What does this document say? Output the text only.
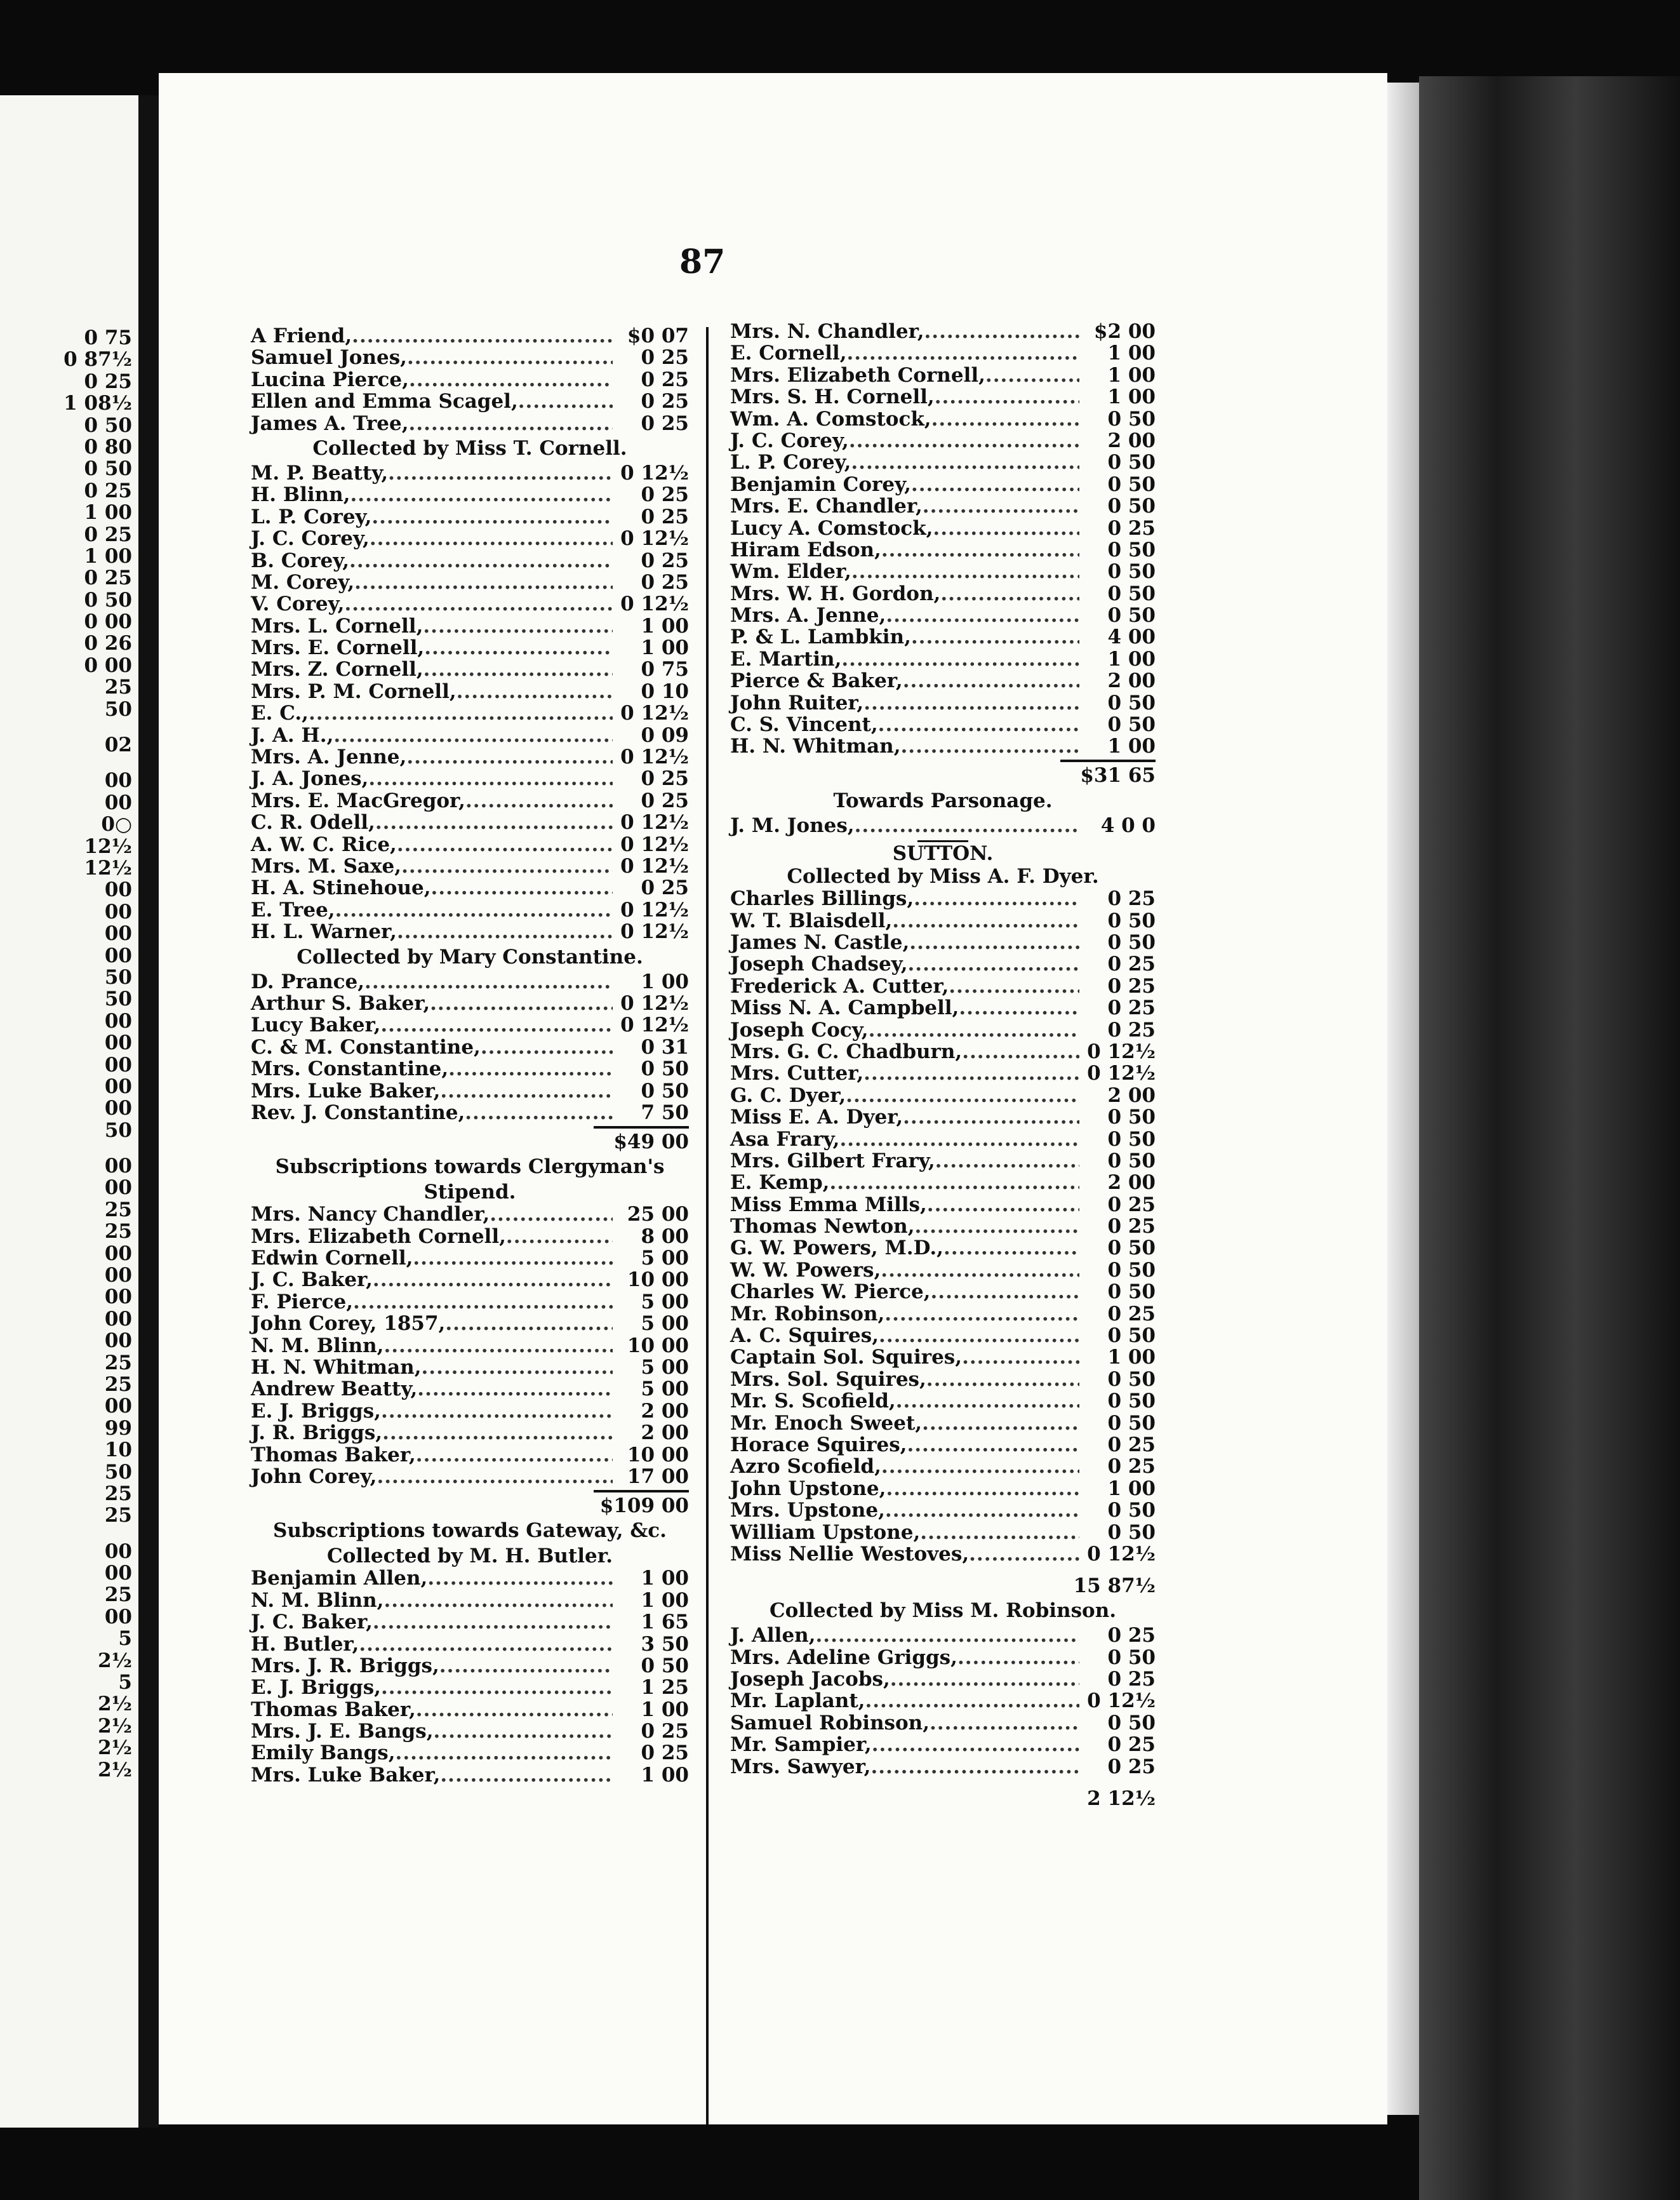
0 75
0 87½
0 25
1 08½
0 50
0 80
0 50
0 25
1 00
0 25
1 00
0 25
0 50
0 00
0 26
0 00
25
50
02
00
00
0○
12½
12½
00
00
00
00
50
50
00
00
00
00
00
50
00
00
25
25
00
00
00
00
00
25
25
00
99
10
50
25
25
00
00
25
00
5
2½
5
2½
2½
2½
2½
87
A Friend, .....	$0 07
Samuel Jones, .....	0 25
Lucina Pierce, .....	0 25
Ellen and Emma Scagel, .....	0 25
James A. Tree, .....	0 25
Collected by Miss T. Cornell.
M. P. Beatty, .....	0 12½
H. Blinn, .....	0 25
L. P. Corey, .....	0 25
J. C. Corey, .....	0 12½
B. Corey, .....	0 25
M. Corey, .....	0 25
V. Corey, .....	0 12½
Mrs. L. Cornell, .....	1 00
Mrs. E. Cornell, .....	1 00
Mrs. Z. Cornell, .....	0 75
Mrs. P. M. Cornell, .....	0 10
E. C., .....	0 12½
J. A. H., .....	0 09
Mrs. A. Jenne, .....	0 12½
J. A. Jones, .....	0 25
Mrs. E. MacGregor, .....	0 25
C. R. Odell, .....	0 12½
A. W. C. Rice, .....	0 12½
Mrs. M. Saxe, .....	0 12½
H. A. Stinehoue, .....	0 25
E. Tree, .....	0 12½
H. L. Warner, .....	0 12½
Collected by Mary Constantine.
D. Prance, .....	1 00
Arthur S. Baker, .....	0 12½
Lucy Baker, .....	0 12½
C. & M. Constantine, .....	0 31
Mrs. Constantine, .....	0 50
Mrs. Luke Baker, .....	0 50
Rev. J. Constantine, .....	7 50
$49 00
Subscriptions towards Clergyman's
Stipend.
Mrs. Nancy Chandler, .....	25 00
Mrs. Elizabeth Cornell, .....	8 00
Edwin Cornell, .....	5 00
J. C. Baker, .....	10 00
F. Pierce, .....	5 00
John Corey, 1857, .....	5 00
N. M. Blinn, .....	10 00
H. N. Whitman, .....	5 00
Andrew Beatty, .....	5 00
E. J. Briggs, .....	2 00
J. R. Briggs, .....	2 00
Thomas Baker, .....	10 00
John Corey, .....	17 00
$109 00
Subscriptions towards Gateway, &c.
Collected by M. H. Butler.
Benjamin Allen, .....	1 00
N. M. Blinn, .....	1 00
J. C. Baker, .....	1 65
H. Butler, .....	3 50
Mrs. J. R. Briggs, .....	0 50
E. J. Briggs, .....	1 25
Thomas Baker, .....	1 00
Mrs. J. E. Bangs, .....	0 25
Emily Bangs, .....	0 25
Mrs. Luke Baker, .....	1 00
Mrs. N. Chandler, .....	$2 00
E. Cornell, .....	1 00
Mrs. Elizabeth Cornell, .....	1 00
Mrs. S. H. Cornell, .....	1 00
Wm. A. Comstock, .....	0 50
J. C. Corey, .....	2 00
L. P. Corey, .....	0 50
Benjamin Corey, .....	0 50
Mrs. E. Chandler, .....	0 50
Lucy A. Comstock, .....	0 25
Hiram Edson, .....	0 50
Wm. Elder, .....	0 50
Mrs. W. H. Gordon, .....	0 50
Mrs. A. Jenne, .....	0 50
P. & L. Lambkin, .....	4 00
E. Martin, .....	1 00
Pierce & Baker, .....	2 00
John Ruiter, .....	0 50
C. S. Vincent, .....	0 50
H. N. Whitman, .....	1 00
$31 65
Towards Parsonage.
J. M. Jones, .....	4 0 0
SUTTON.
Collected by Miss A. F. Dyer.
Charles Billings, .....	0 25
W. T. Blaisdell, .....	0 50
James N. Castle, .....	0 50
Joseph Chadsey, .....	0 25
Frederick A. Cutter, .....	0 25
Miss N. A. Campbell, .....	0 25
Joseph Cocy, .....	0 25
Mrs. G. C. Chadburn, .....	0 12½
Mrs. Cutter, .....	0 12½
G. C. Dyer, .....	2 00
Miss E. A. Dyer, .....	0 50
Asa Frary, .....	0 50
Mrs. Gilbert Frary, .....	0 50
E. Kemp, .....	2 00
Miss Emma Mills, .....	0 25
Thomas Newton, .....	0 25
G. W. Powers, M.D., .....	0 50
W. W. Powers, .....	0 50
Charles W. Pierce, .....	0 50
Mr. Robinson, .....	0 25
A. C. Squires, .....	0 50
Captain Sol. Squires, .....	1 00
Mrs. Sol. Squires, .....	0 50
Mr. S. Scofield, .....	0 50
Mr. Enoch Sweet, .....	0 50
Horace Squires, .....	0 25
Azro Scofield, .....	0 25
John Upstone, .....	1 00
Mrs. Upstone, .....	0 50
William Upstone, .....	0 50
Miss Nellie Westoves, .....	0 12½
15 87½
Collected by Miss M. Robinson.
J. Allen, .....	0 25
Mrs. Adeline Griggs, .....	0 50
Joseph Jacobs, .....	0 25
Mr. Laplant, .....	0 12½
Samuel Robinson, .....	0 50
Mr. Sampier, .....	0 25
Mrs. Sawyer, .....	0 25
2 12½
